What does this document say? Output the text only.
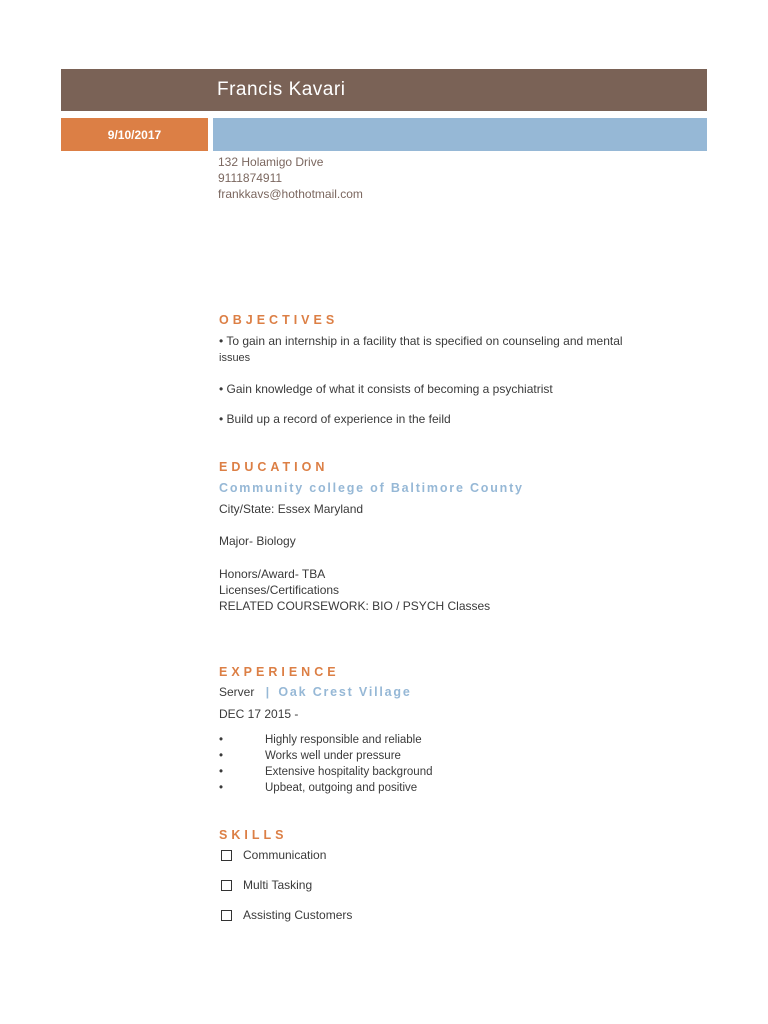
Francis Kavari
9/10/2017
132 Holamigo Drive
9111874911
frankkavs@hothotmail.com
OBJECTIVES
• To gain an internship in a facility that is specified on counseling and mental
issues
• Gain knowledge of what it consists of becoming a psychiatrist
• Build up a record of experience in the feild
EDUCATION
Community college of Baltimore County
City/State: Essex Maryland
Major- Biology
Honors/Award- TBA
Licenses/Certifications
RELATED COURSEWORK: BIO / PSYCH Classes
EXPERIENCE
Server | Oak Crest Village
DEC 17 2015 -
•	Highly responsible and reliable
•	Works well under pressure
•	Extensive hospitality background
•	Upbeat, outgoing and positive
SKILLS
Communication
Multi Tasking
Assisting Customers
